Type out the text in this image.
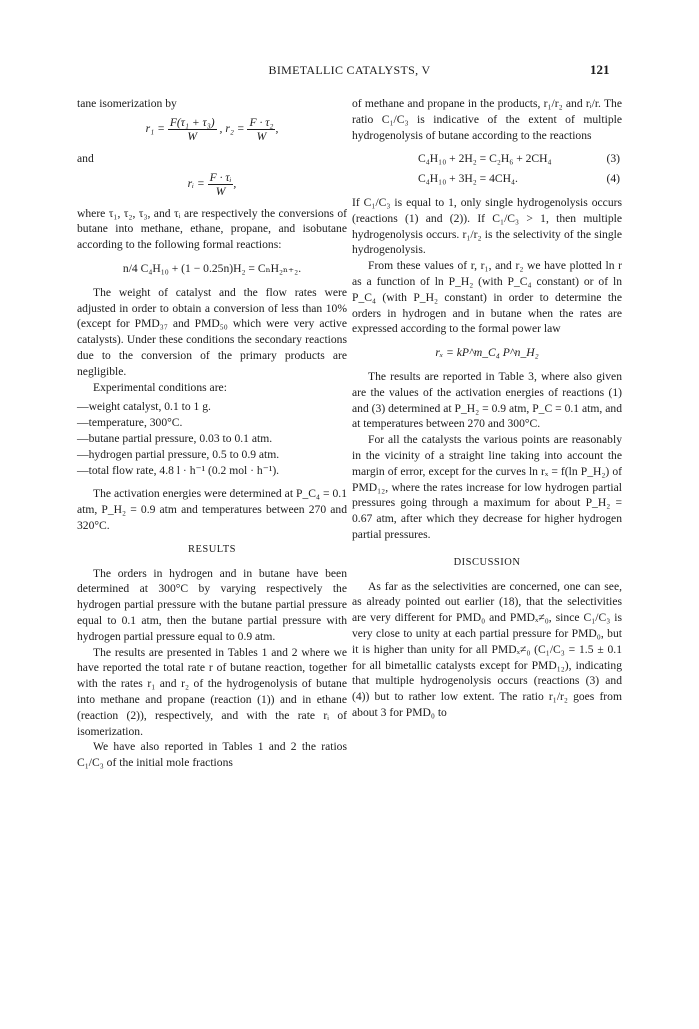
BIMETALLIC CATALYSTS, V	121

tane isomerization by

$r_1 = \frac{\text{F(τ₁ + τ₃)}}{W}$ , $r_2 = \frac{\text{F · τ₂}}{W}$ ,

and

rᵢ = $\frac{\text{F · τᵢ}}{W}$ ,

where τ₁, τ₂, τ₃, and τᵢ are respectively the conversions of butane into methane, ethane, propane, and isobutane according to the following formal reactions:

n/4 C₄H₁₀ + (1 − 0.25n)H₂ = CₙH₂ₙ₊₂.

The weight of catalyst and the flow rates were adjusted in order to obtain a conversion of less than 10% (except for PMD₃₇ and PMD₅₀ which were very active catalysts). Under these conditions the secondary reactions due to the conversion of the primary products are negligible.

Experimental conditions are:

—weight catalyst, 0.1 to 1 g.

—temperature, 300°C.

—butane partial pressure, 0.03 to 0.1 atm.

—hydrogen partial pressure, 0.5 to 0.9 atm.

—total flow rate, 4.8 l · h⁻¹ (0.2 mol · h⁻¹).

The activation energies were determined at P_C₄ = 0.1 atm, P_H₂ = 0.9 atm and temperatures between 270 and 320°C.

RESULTS

The orders in hydrogen and in butane have been determined at 300°C by varying respectively the hydrogen partial pressure with the butane partial pressure equal to 0.1 atm, then the butane partial pressure with hydrogen partial pressure equal to 0.9 atm.

The results are presented in Tables 1 and 2 where we have reported the total rate r of butane reaction, together with the rates r₁ and r₂ of the hydrogenolysis of butane into methane and propane (reaction (1)) and in ethane (reaction (2)), respectively, and with the rate rᵢ of isomerization.

We have also reported in Tables 1 and 2 the ratios C₁/C₃ of the initial mole fractions

of methane and propane in the products, r₁/r₂ and rᵢ/r. The ratio C₁/C₃ is indicative of the extent of multiple hydrogenolysis of butane according to the reactions

C₄H₁₀ + 2H₂ = C₂H₆ + 2CH₄	(3)
C₄H₁₀ + 3H₂ = 4CH₄.	(4)

If C₁/C₃ is equal to 1, only single hydrogenolysis occurs (reactions (1) and (2)). If C₁/C₃ > 1, then multiple hydrogenolysis occurs. r₁/r₂ is the selectivity of the single hydrogenolysis.

From these values of r, r₁, and r₂ we have plotted ln r as a function of ln P_H₂ (with P_C₄ constant) or of ln P_C₄ (with P_H₂ constant) in order to determine the orders in hydrogen and in butane when the rates are expressed according to the formal power law

rₓ = kP^m_C₄ P^n_H₂

The results are reported in Table 3, where also given are the values of the activation energies of reactions (1) and (3) determined at P_H₂ = 0.9 atm, P_C = 0.1 atm, and at temperatures between 270 and 300°C.

For all the catalysts the various points are reasonably in the vicinity of a straight line taking into account the margin of error, except for the curves ln rₓ = f(ln P_H₂) of PMD₁₂, where the rates increase for low hydrogen partial pressures going through a maximum for about P_H₂ = 0.67 atm, after which they decrease for higher hydrogen partial pressures.

DISCUSSION

As far as the selectivities are concerned, one can see, as already pointed out earlier (18), that the selectivities are very different for PMD₀ and PMDₓ≠₀, since C₁/C₃ is very close to unity at each partial pressure for PMD₀, but it is higher than unity for all PMDₓ≠₀ (C₁/C₃ = 1.5 ± 0.1 for all bimetallic catalysts except for PMD₁₂), indicating that multiple hydrogenolysis occurs (reactions (3) and (4)) but to rather low extent. The ratio r₁/r₂ goes from about 3 for PMD₀ to
